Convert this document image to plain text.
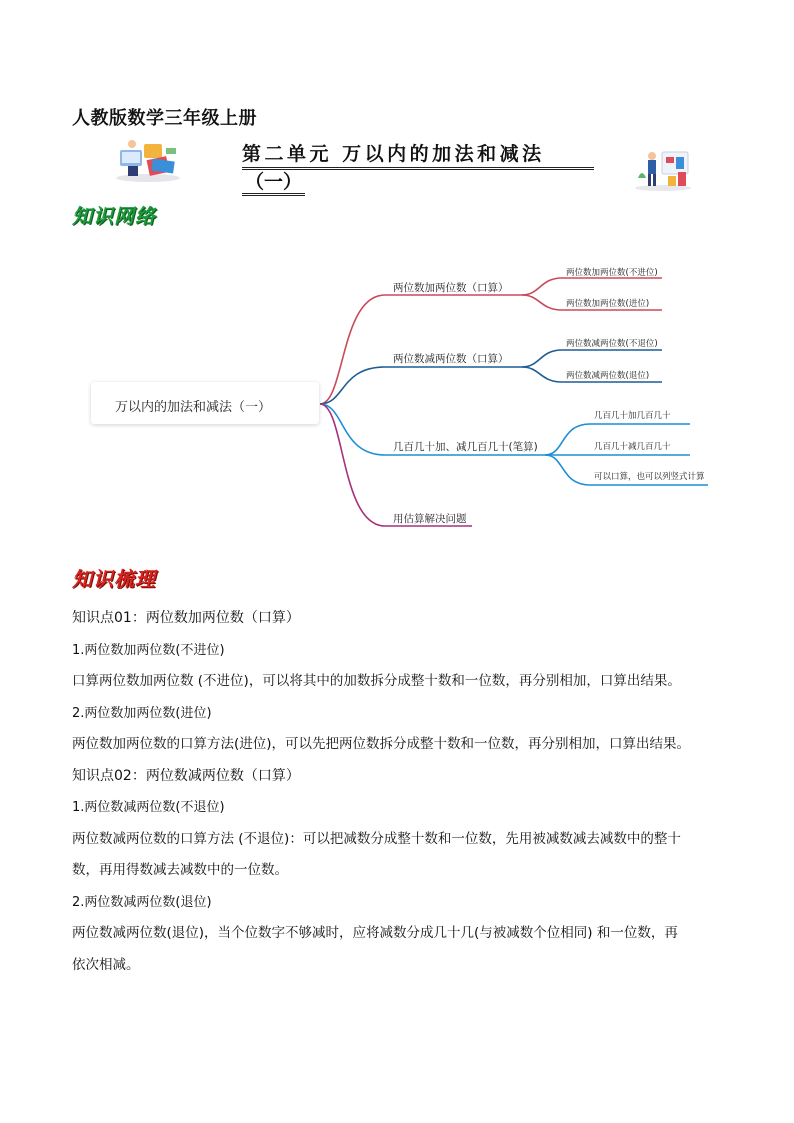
人教版数学三年级上册
第二单元 万以内的加法和减法
（一）
知识网络
万以内的加法和减法（一）
两位数加两位数（口算）
两位数加两位数(不进位)
两位数加两位数(进位)
两位数减两位数（口算）
两位数减两位数(不退位)
两位数减两位数(退位)
几百几十加、减几百几十(笔算)
几百几十加几百几十
几百几十减几百几十
可以口算，也可以列竖式计算
用估算解决问题
知识梳理

知识点01：两位数加两位数（口算）

1.两位数加两位数(不进位)

口算两位数加两位数 (不进位)，可以将其中的加数拆分成整十数和一位数，再分别相加，口算出结果。

2.两位数加两位数(进位)

两位数加两位数的口算方法(进位)，可以先把两位数拆分成整十数和一位数，再分别相加，口算出结果。

知识点02：两位数减两位数（口算）

1.两位数减两位数(不退位)

两位数减两位数的口算方法 (不退位)：可以把减数分成整十数和一位数，先用被减数减去减数中的整十

数，再用得数减去减数中的一位数。

2.两位数减两位数(退位)

两位数减两位数(退位)，当个位数字不够减时，应将减数分成几十几(与被减数个位相同) 和一位数，再

依次相减。
